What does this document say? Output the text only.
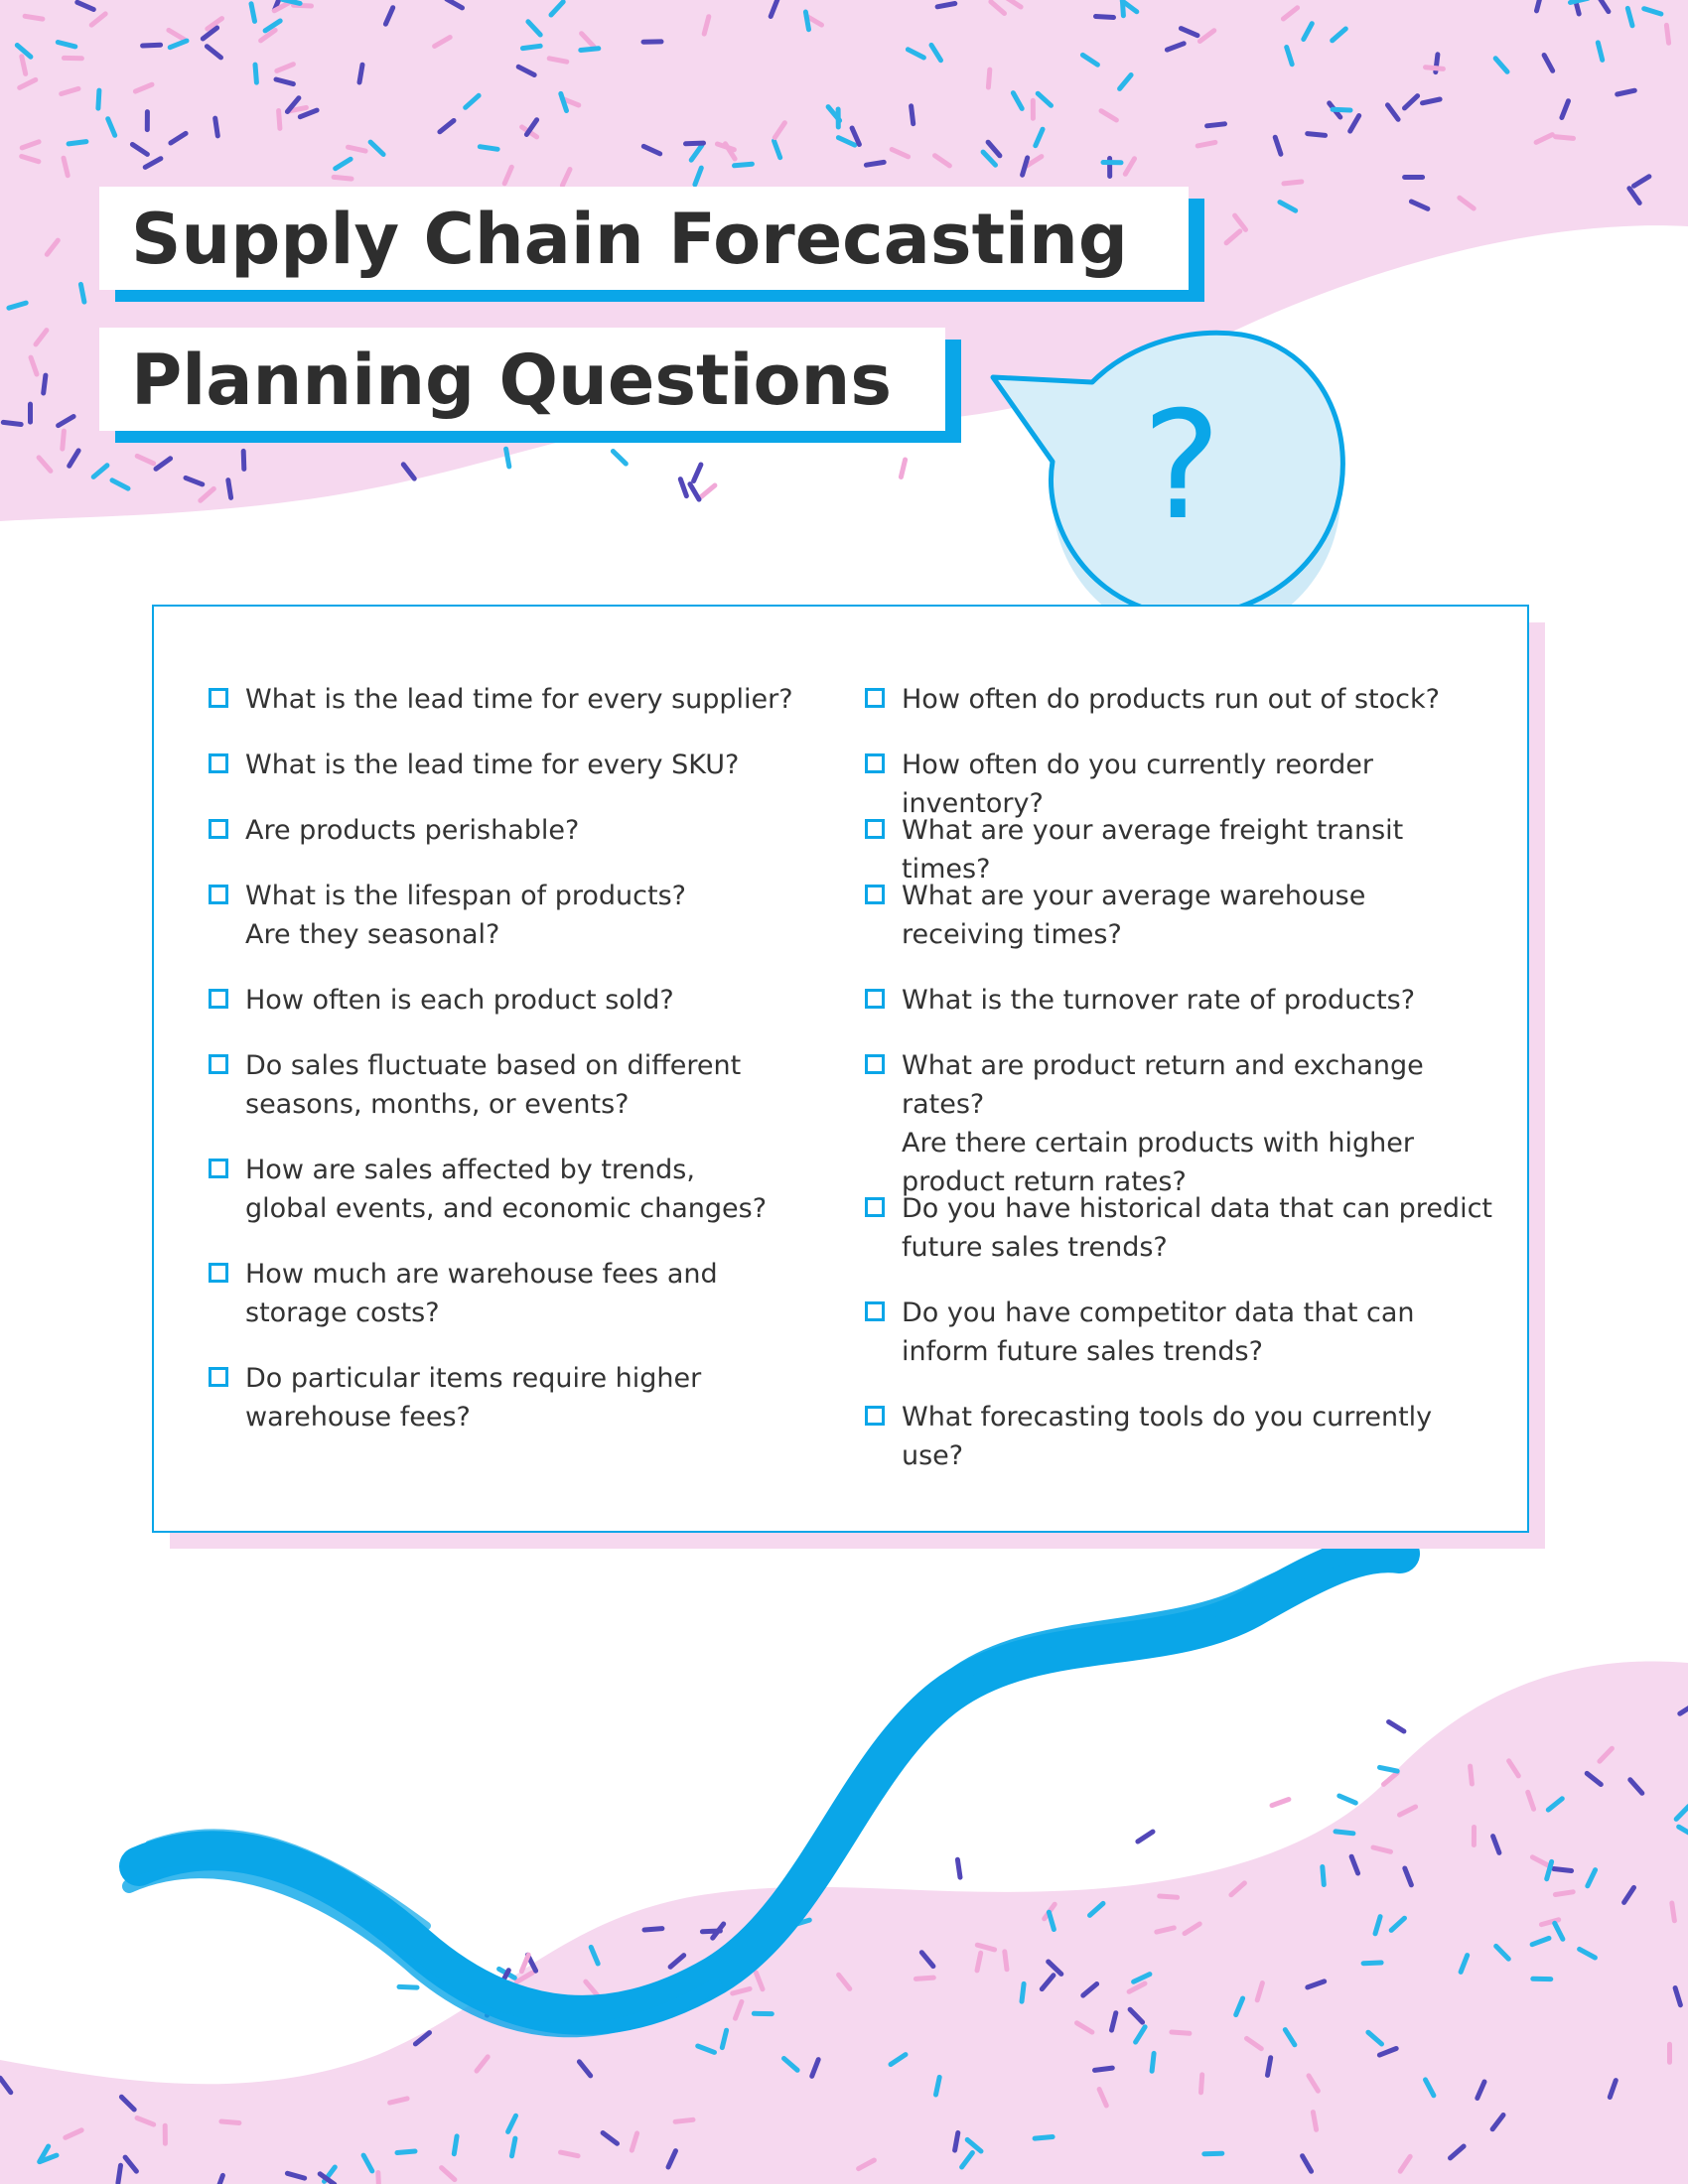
Supply Chain Forecasting
Planning Questions	?
What is the lead time for every supplier?
What is the lead time for every SKU?
Are products perishable?
What is the lifespan of products?
Are they seasonal?
How often is each product sold?
Do sales fluctuate based on different
seasons, months, or events?
How are sales affected by trends,
global events, and economic changes?
How much are warehouse fees and
storage costs?
Do particular items require higher
warehouse fees?
How often do products run out of stock?
How often do you currently reorder inventory?
What are your average freight transit times?
What are your average warehouse
receiving times?
What is the turnover rate of products?
What are product return and exchange rates?
Are there certain products with higher
product return rates?
Do you have historical data that can predict
future sales trends?
Do you have competitor data that can
inform future sales trends?
What forecasting tools do you currently use?
